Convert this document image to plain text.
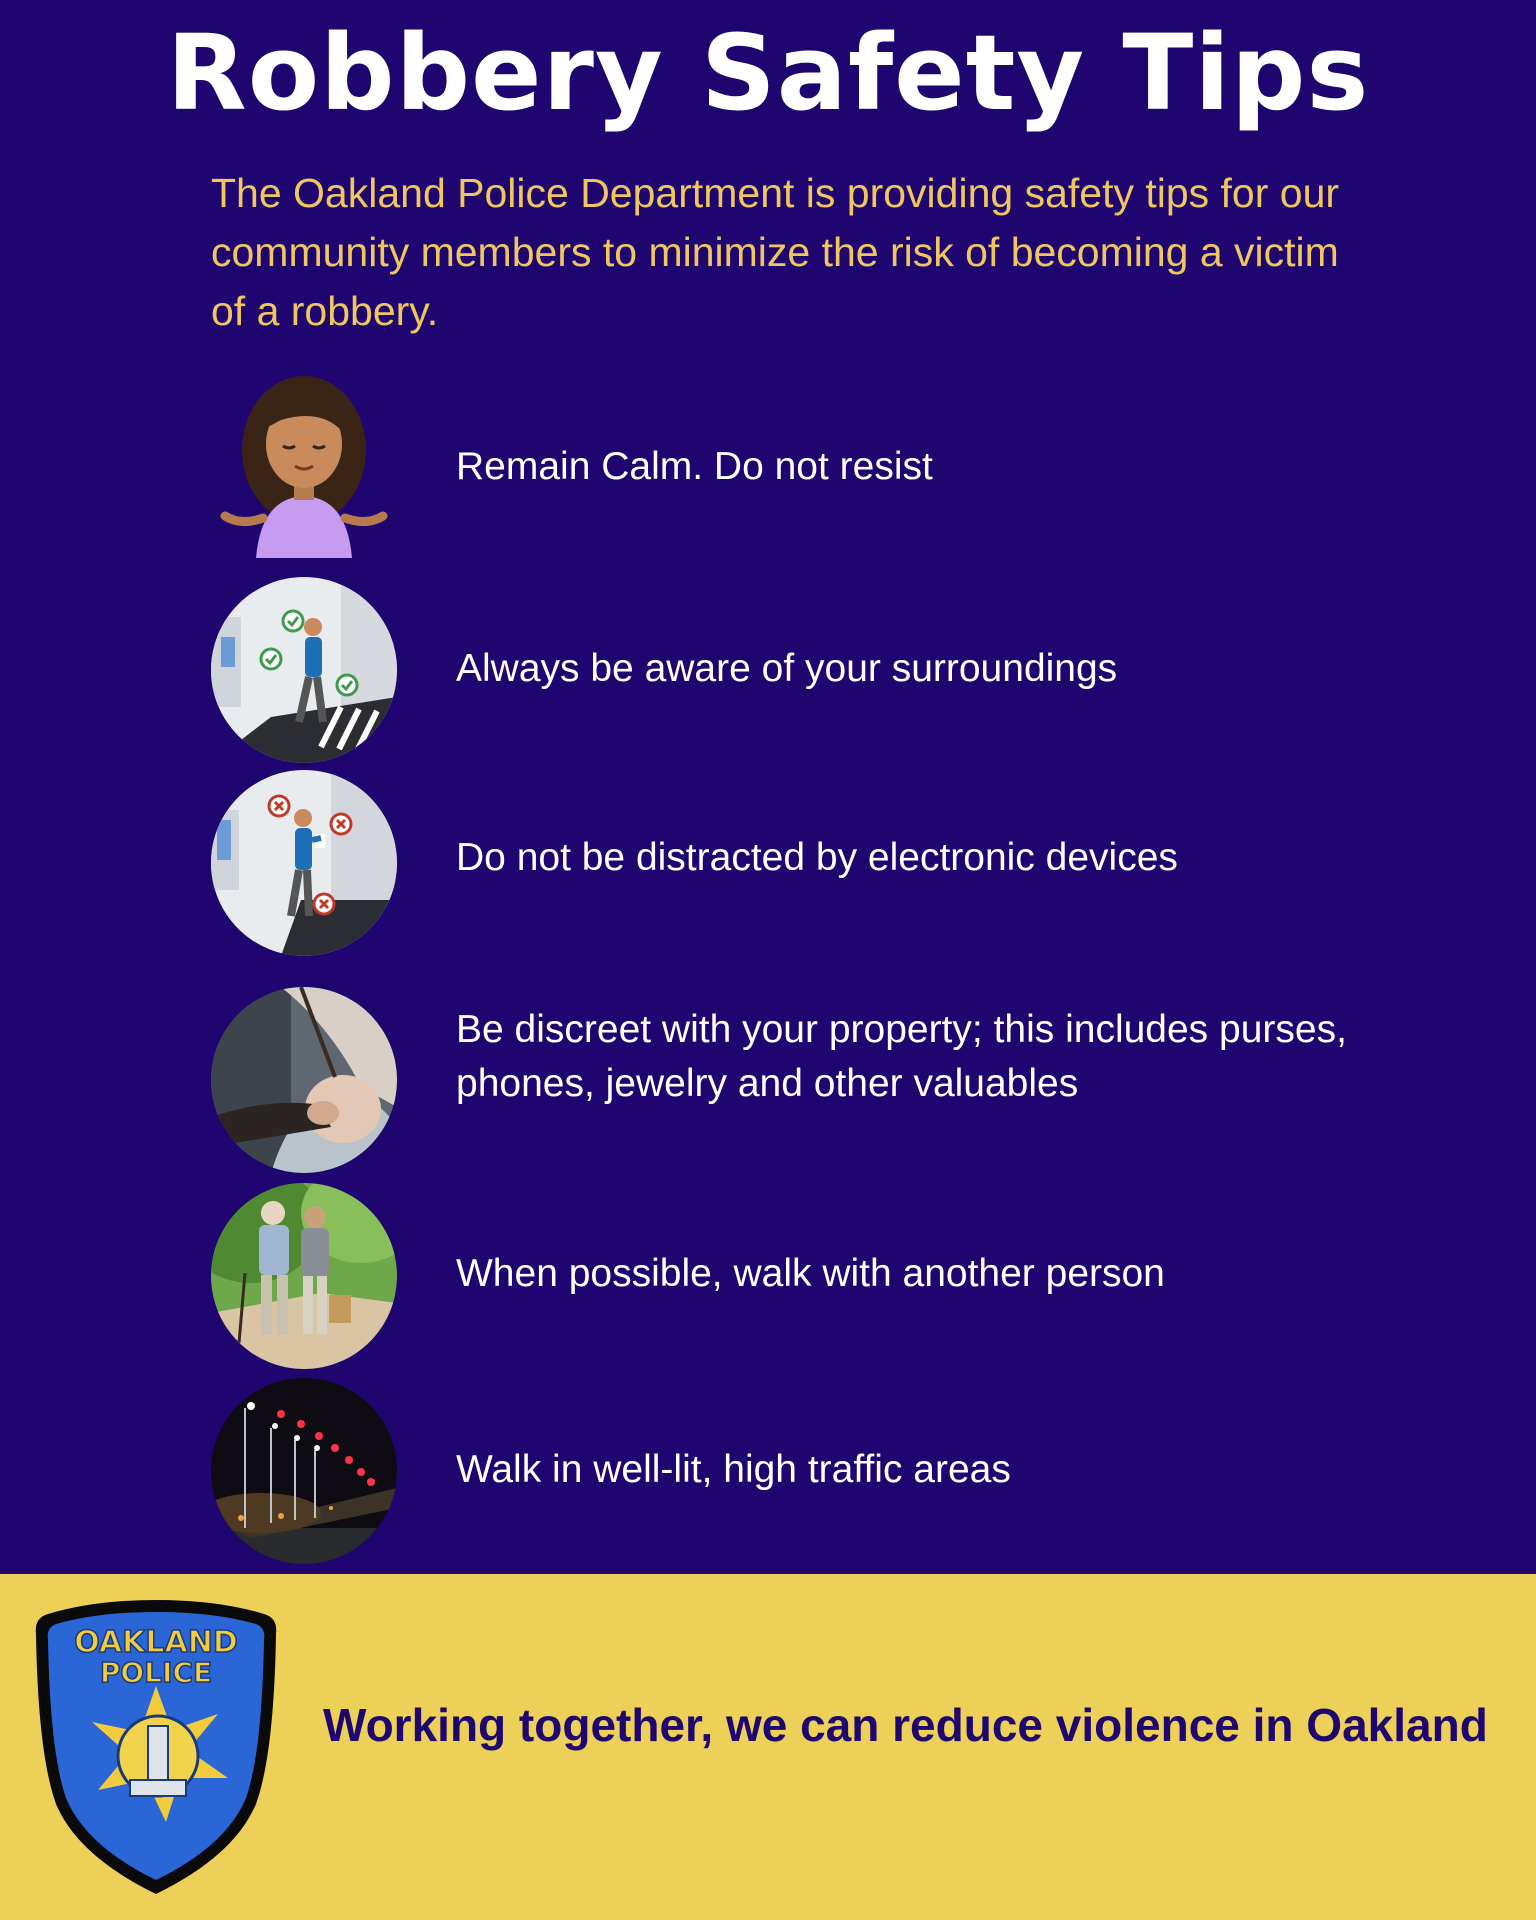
Robbery Safety Tips

The Oakland Police Department is providing safety tips for our community members to minimize the risk of becoming a victim of a robbery.

Remain Calm. Do not resist
Always be aware of your surroundings
Do not be distracted by electronic devices
Be discreet with your property; this includes purses, phones, jewelry and other valuables
When possible, walk with another person
Walk in well-lit, high traffic areas
OAKLAND
POLICE
Working together, we can reduce violence in Oakland
